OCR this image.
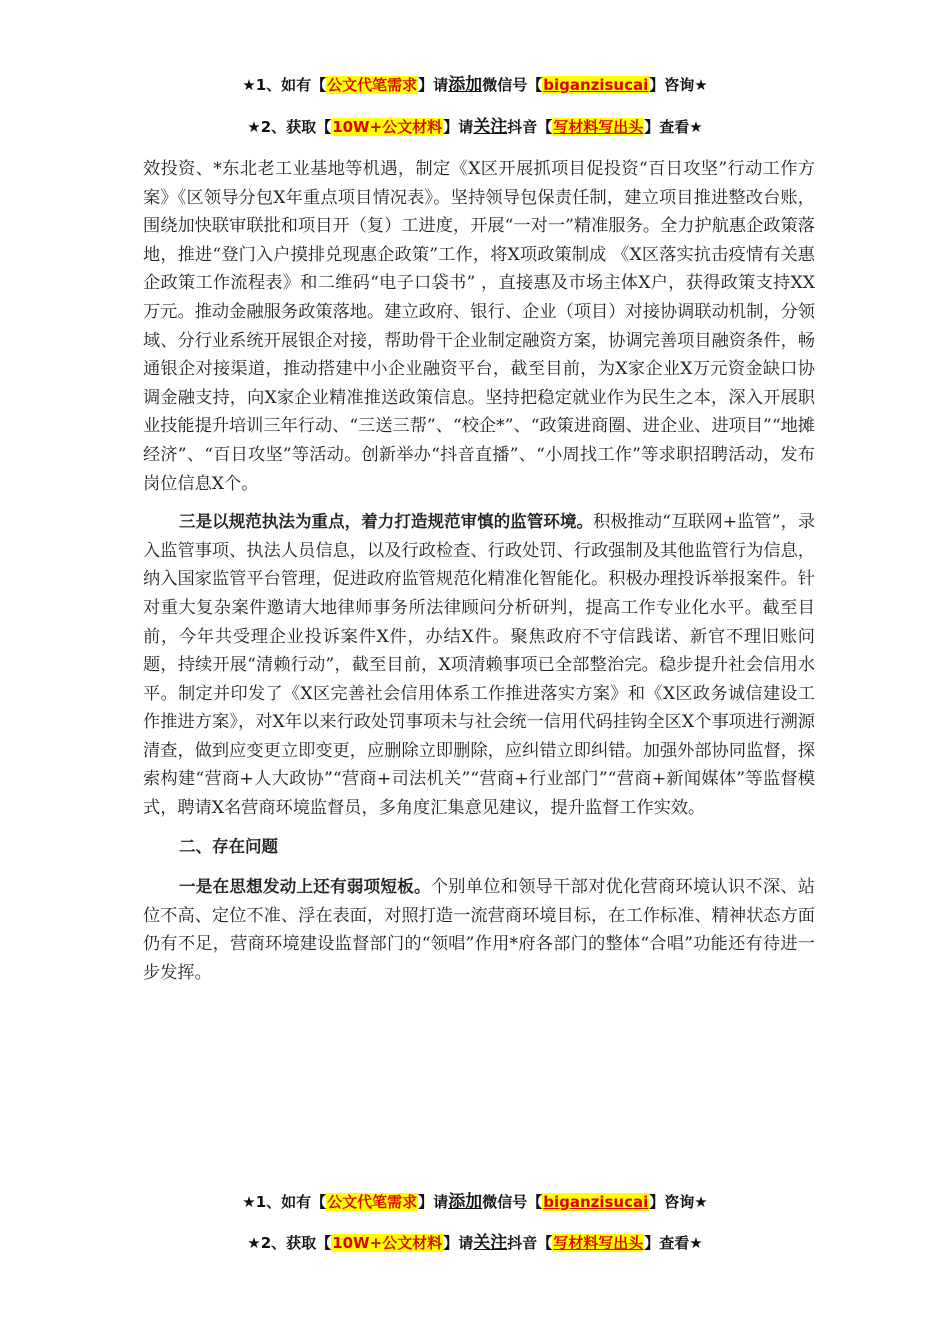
★1、如有【公文代笔需求】请添加微信号【biganzisucai】咨询★
★2、获取【10W+公文材料】请关注抖音【写材料写出头】查看★

效投资、*东北老工业基地等机遇，制定《X区开展抓项目促投资“百日攻坚”行动工作方案》《区领导分包X年重点项目情况表》。坚持领导包保责任制，建立项目推进整改台账，围绕加快联审联批和项目开（复）工进度，开展“一对一”精准服务。全力护航惠企政策落地，推进“登门入户摸排兑现惠企政策”工作，将X项政策制成 《X区落实抗击疫情有关惠企政策工作流程表》和二维码“电子口袋书” ，直接惠及市场主体X户，获得政策支持XX万元。推动金融服务政策落地。建立政府、银行、企业（项目）对接协调联动机制，分领域、分行业系统开展银企对接，帮助骨干企业制定融资方案，协调完善项目融资条件，畅通银企对接渠道，推动搭建中小企业融资平台，截至目前，为X家企业X万元资金缺口协调金融支持，向X家企业精准推送政策信息。坚持把稳定就业作为民生之本，深入开展职业技能提升培训三年行动、“三送三帮”、“校企*”、“政策进商圈、进企业、进项目”“地摊经济”、“百日攻坚”等活动。创新举办“抖音直播”、“小周找工作”等求职招聘活动，发布岗位信息X个。

三是以规范执法为重点，着力打造规范审慎的监管环境。积极推动“互联网+监管”，录入监管事项、执法人员信息，以及行政检查、行政处罚、行政强制及其他监管行为信息，纳入国家监管平台管理，促进政府监管规范化精准化智能化。积极办理投诉举报案件。针对重大复杂案件邀请大地律师事务所法律顾问分析研判，提高工作专业化水平。截至目前，今年共受理企业投诉案件X件，办结X件。聚焦政府不守信践诺、新官不理旧账问题，持续开展“清赖行动”，截至目前，X项清赖事项已全部整治完。稳步提升社会信用水平。制定并印发了《X区完善社会信用体系工作推进落实方案》和《X区政务诚信建设工作推进方案》，对X年以来行政处罚事项未与社会统一信用代码挂钩全区X个事项进行溯源清查，做到应变更立即变更，应删除立即删除，应纠错立即纠错。加强外部协同监督，探索构建“营商+人大政协”“营商+司法机关”“营商+行业部门”“营商+新闻媒体”等监督模式，聘请X名营商环境监督员，多角度汇集意见建议，提升监督工作实效。

二、存在问题

一是在思想发动上还有弱项短板。个别单位和领导干部对优化营商环境认识不深、站位不高、定位不准、浮在表面，对照打造一流营商环境目标，在工作标准、精神状态方面仍有不足，营商环境建设监督部门的“领唱”作用*府各部门的整体“合唱”功能还有待进一步发挥。

★1、如有【公文代笔需求】请添加微信号【biganzisucai】咨询★
★2、获取【10W+公文材料】请关注抖音【写材料写出头】查看★
